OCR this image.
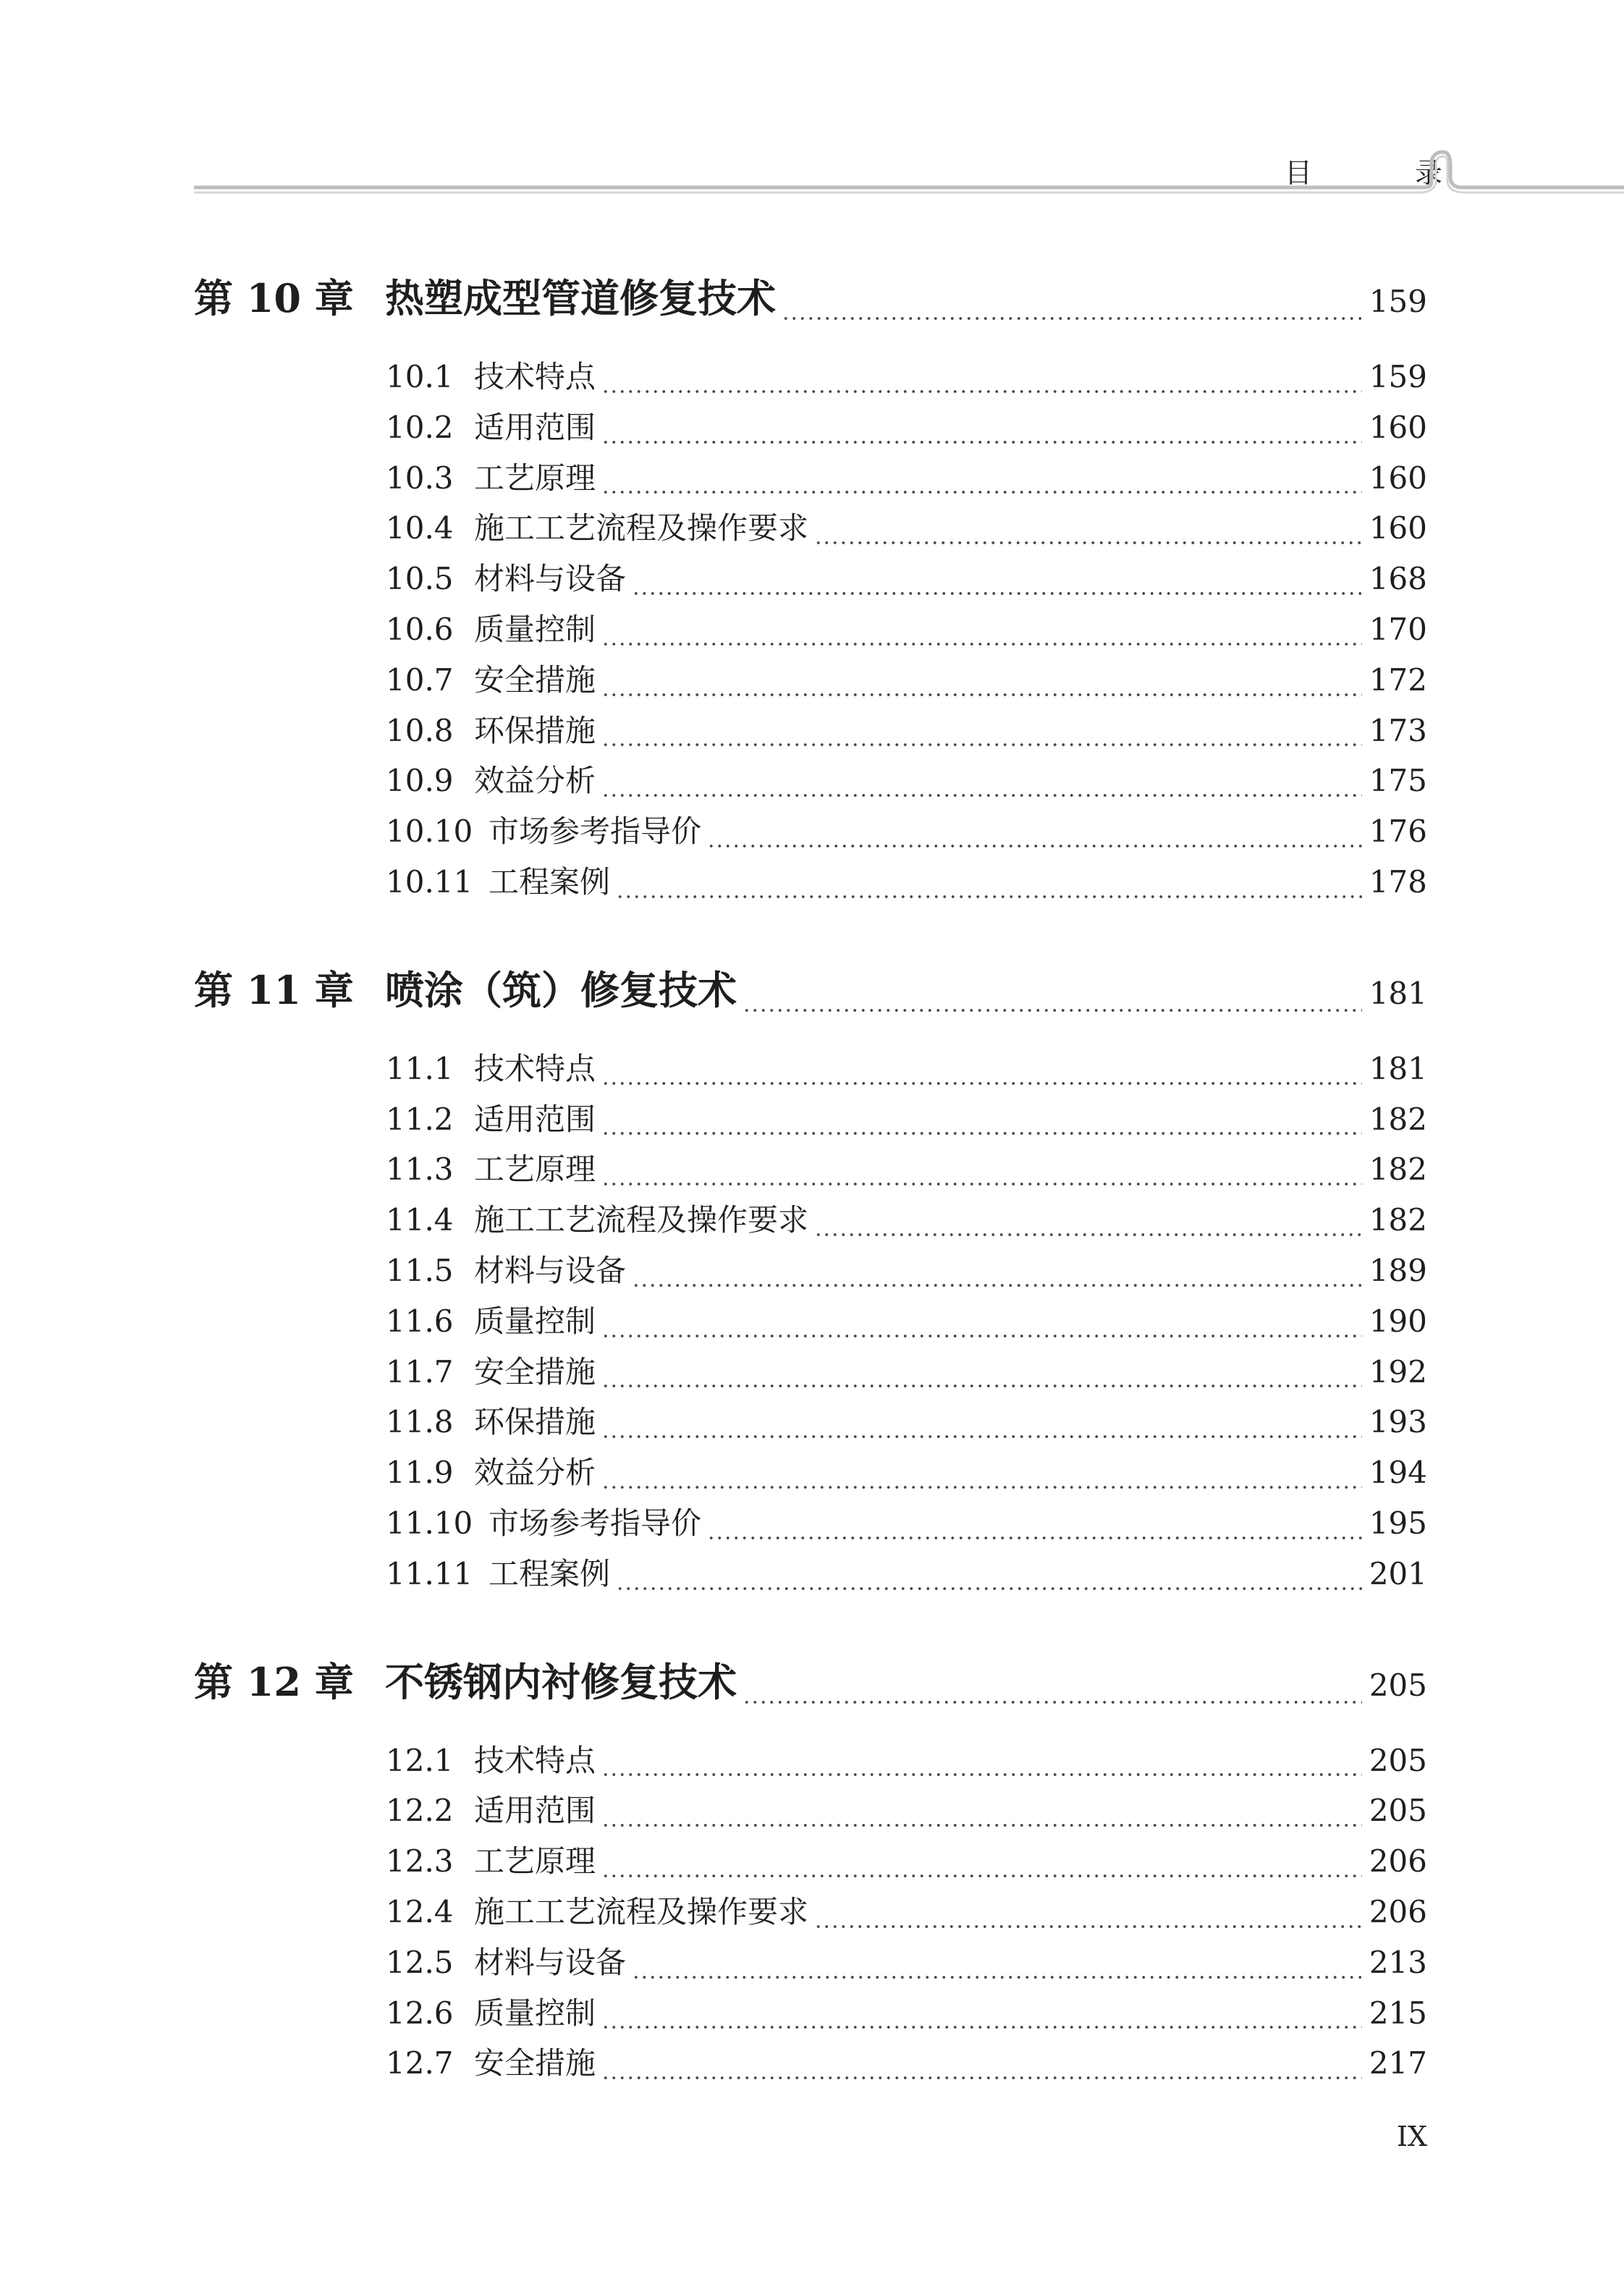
目　录
第 10 章 热塑成型管道修复技术	159
10.1 技术特点	159
10.2 适用范围	160
10.3 工艺原理	160
10.4 施工工艺流程及操作要求	160
10.5 材料与设备	168
10.6 质量控制	170
10.7 安全措施	172
10.8 环保措施	173
10.9 效益分析	175
10.10 市场参考指导价	176
10.11 工程案例	178
第 11 章 喷涂（筑）修复技术	181
11.1 技术特点	181
11.2 适用范围	182
11.3 工艺原理	182
11.4 施工工艺流程及操作要求	182
11.5 材料与设备	189
11.6 质量控制	190
11.7 安全措施	192
11.8 环保措施	193
11.9 效益分析	194
11.10 市场参考指导价	195
11.11 工程案例	201
第 12 章 不锈钢内衬修复技术	205
12.1 技术特点	205
12.2 适用范围	205
12.3 工艺原理	206
12.4 施工工艺流程及操作要求	206
12.5 材料与设备	213
12.6 质量控制	215
12.7 安全措施	217
IX
